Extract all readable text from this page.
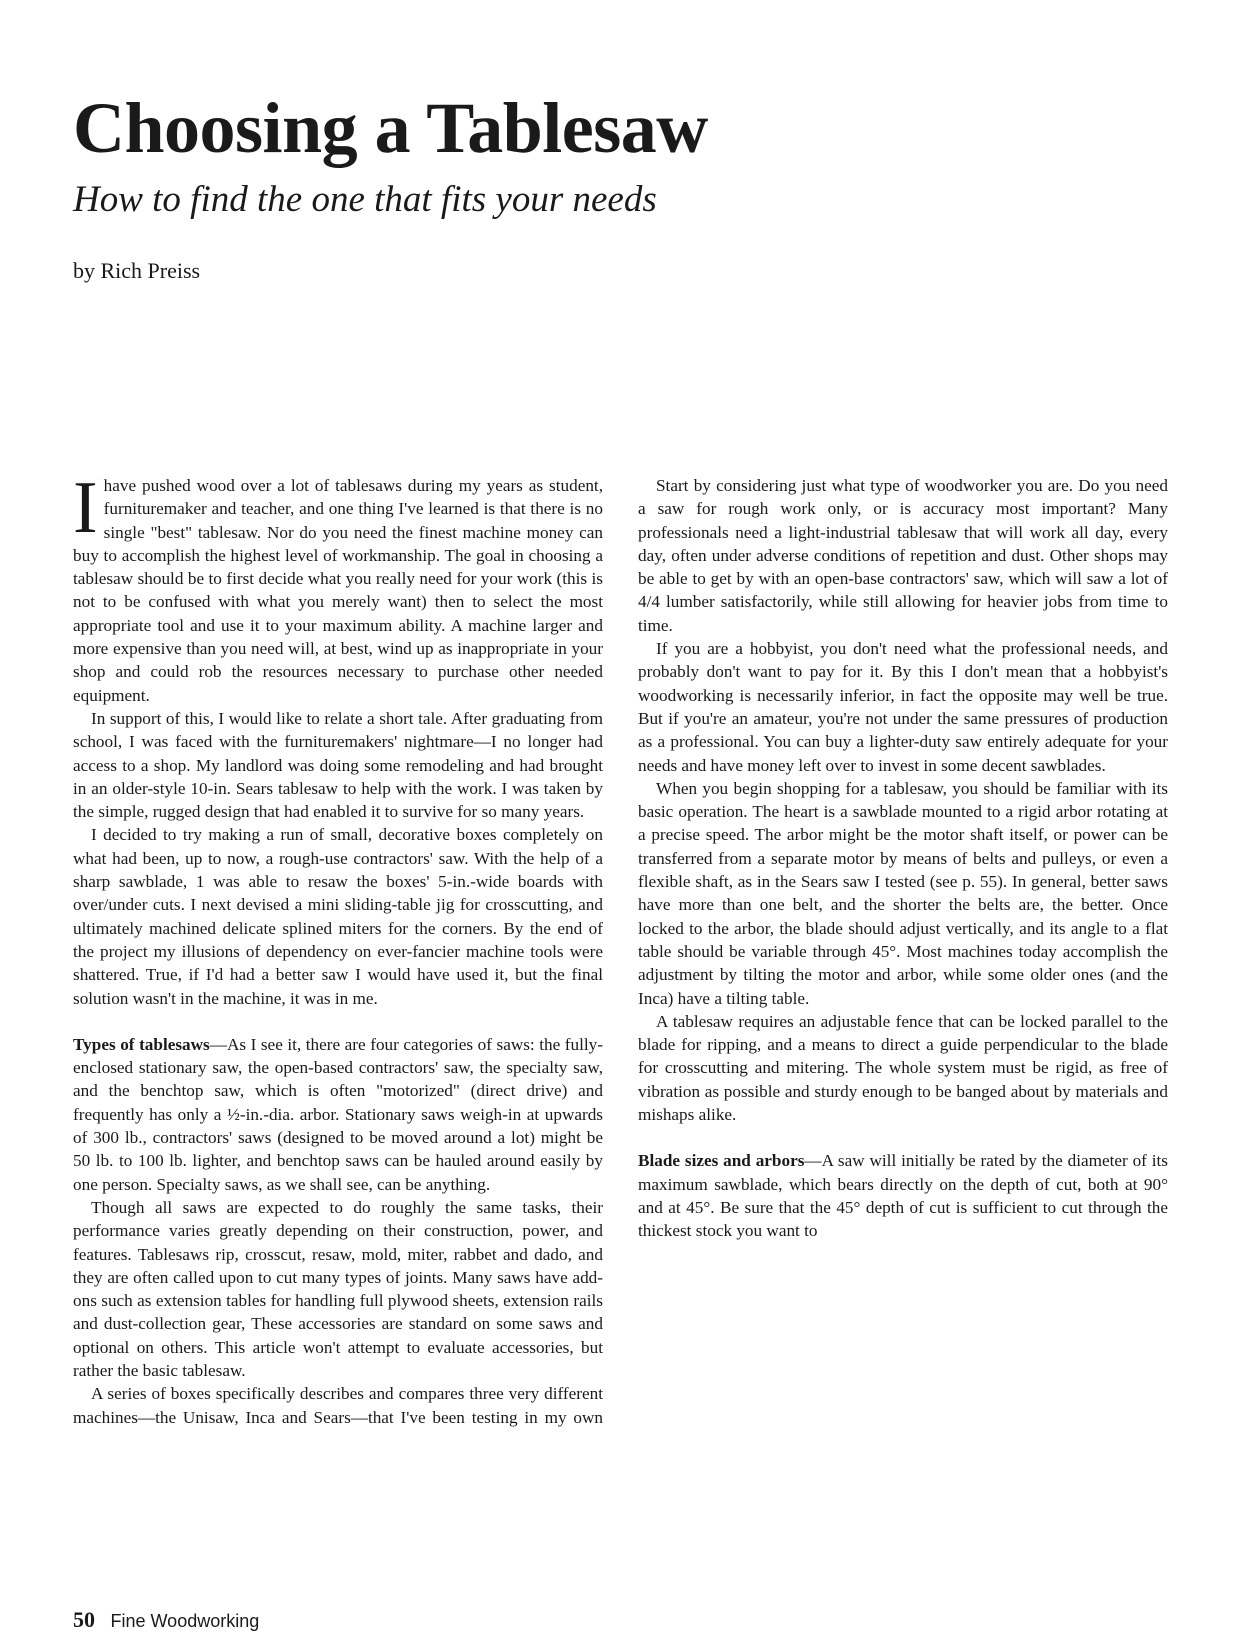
Choosing a Tablesaw
How to find the one that fits your needs
by Rich Preiss

Ihave pushed wood over a lot of tablesaws during my years as student, furnituremaker and teacher, and one thing I've learned is that there is no single "best" tablesaw. Nor do you need the finest machine money can buy to accomplish the highest level of workmanship. The goal in choosing a tablesaw should be to first decide what you really need for your work (this is not to be confused with what you merely want) then to select the most appropriate tool and use it to your maximum ability. A machine larger and more expensive than you need will, at best, wind up as inappropriate in your shop and could rob the resources necessary to purchase other needed equipment.

In support of this, I would like to relate a short tale. After graduating from school, I was faced with the furnituremakers' nightmare—I no longer had access to a shop. My landlord was doing some remodeling and had brought in an older-style 10-in. Sears tablesaw to help with the work. I was taken by the simple, rugged design that had enabled it to survive for so many years.

I decided to try making a run of small, decorative boxes completely on what had been, up to now, a rough-use contractors' saw. With the help of a sharp sawblade, 1 was able to resaw the boxes' 5-in.-wide boards with over/under cuts. I next devised a mini sliding-table jig for crosscutting, and ultimately machined delicate splined miters for the corners. By the end of the project my illusions of dependency on ever-fancier machine tools were shattered. True, if I'd had a better saw I would have used it, but the final solution wasn't in the machine, it was in me.

Types of tablesaws—As I see it, there are four categories of saws: the fully-enclosed stationary saw, the open-based contractors' saw, the specialty saw, and the benchtop saw, which is often "motorized" (direct drive) and frequently has only a ½-in.-dia. arbor. Stationary saws weigh-in at upwards of 300 lb., contractors' saws (designed to be moved around a lot) might be 50 lb. to 100 lb. lighter, and benchtop saws can be hauled around easily by one person. Specialty saws, as we shall see, can be anything.

Though all saws are expected to do roughly the same tasks, their performance varies greatly depending on their construction, power, and features. Tablesaws rip, crosscut, resaw, mold, miter, rabbet and dado, and they are often called upon to cut many types of joints. Many saws have add-ons such as extension tables for handling full plywood sheets, extension rails and dust-collection gear, These accessories are standard on some saws and optional on others. This article won't attempt to evaluate accessories, but rather the basic tablesaw.

A series of boxes specifically describes and compares three very different machines—the Unisaw, Inca and Sears—that I've been testing in my own

Start by considering just what type of woodworker you are. Do you need a saw for rough work only, or is accuracy most important? Many professionals need a light-industrial tablesaw that will work all day, every day, often under adverse conditions of repetition and dust. Other shops may be able to get by with an open-base contractors' saw, which will saw a lot of 4/4 lumber satisfactorily, while still allowing for heavier jobs from time to time.

If you are a hobbyist, you don't need what the professional needs, and probably don't want to pay for it. By this I don't mean that a hobbyist's woodworking is necessarily inferior, in fact the opposite may well be true. But if you're an amateur, you're not under the same pressures of production as a professional. You can buy a lighter-duty saw entirely adequate for your needs and have money left over to invest in some decent sawblades.

When you begin shopping for a tablesaw, you should be familiar with its basic operation. The heart is a sawblade mounted to a rigid arbor rotating at a precise speed. The arbor might be the motor shaft itself, or power can be transferred from a separate motor by means of belts and pulleys, or even a flexible shaft, as in the Sears saw I tested (see p. 55). In general, better saws have more than one belt, and the shorter the belts are, the better. Once locked to the arbor, the blade should adjust vertically, and its angle to a flat table should be variable through 45°. Most machines today accomplish the adjustment by tilting the motor and arbor, while some older ones (and the Inca) have a tilting table.

A tablesaw requires an adjustable fence that can be locked parallel to the blade for ripping, and a means to direct a guide perpendicular to the blade for crosscutting and mitering. The whole system must be rigid, as free of vibration as possible and sturdy enough to be banged about by materials and mishaps alike.

Blade sizes and arbors—A saw will initially be rated by the diameter of its maximum sawblade, which bears directly on the depth of cut, both at 90° and at 45°. Be sure that the 45° depth of cut is sufficient to cut through the thickest stock you want to

50 Fine Woodworking
